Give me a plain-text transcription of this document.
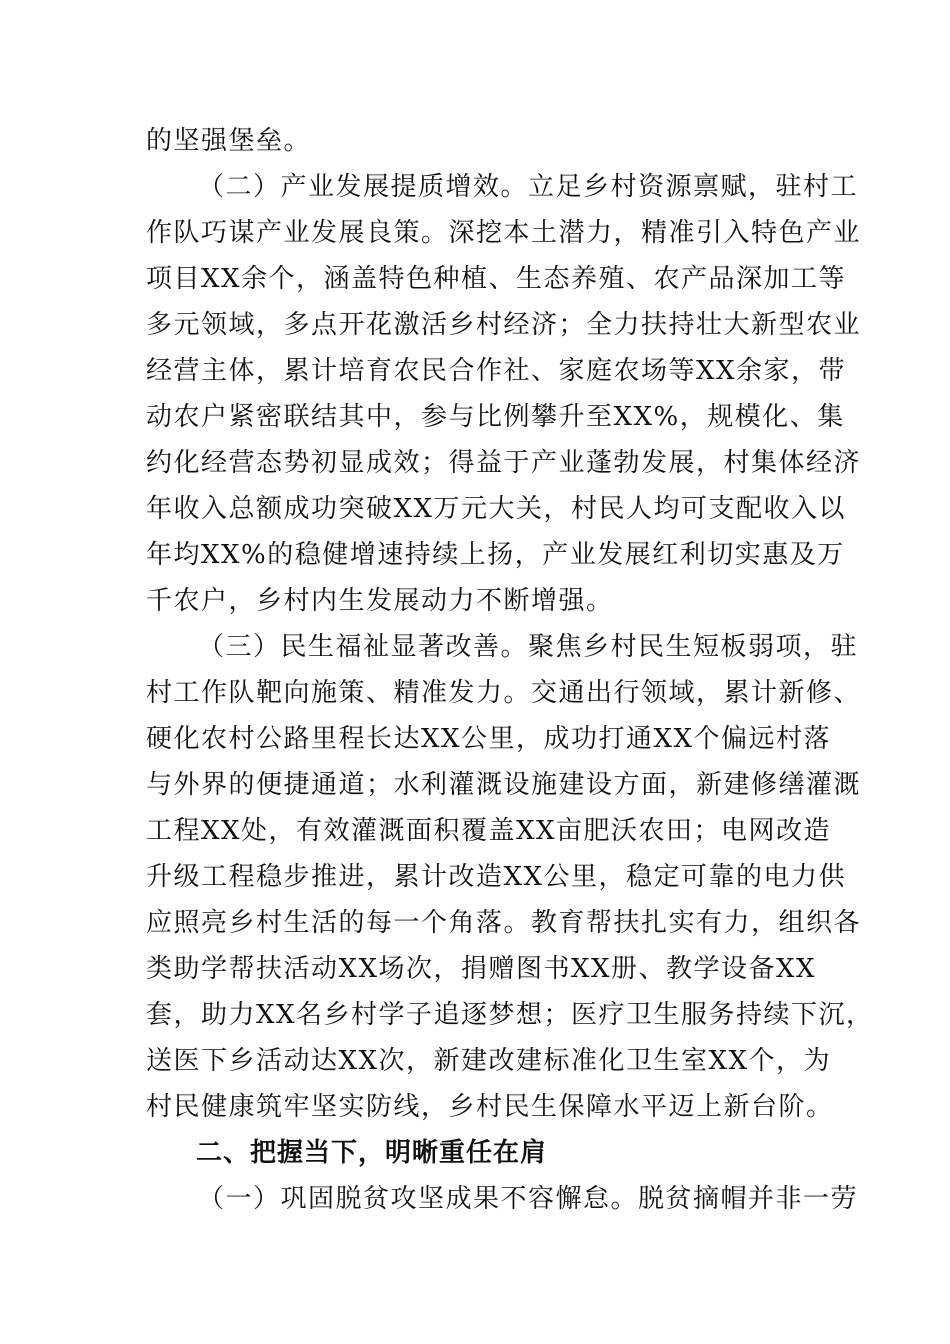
的坚强堡垒。
（二）产业发展提质增效。立足乡村资源禀赋，驻村工
作队巧谋产业发展良策。深挖本土潜力，精准引入特色产业
项目XX余个，涵盖特色种植、生态养殖、农产品深加工等
多元领域，多点开花激活乡村经济；全力扶持壮大新型农业
经营主体，累计培育农民合作社、家庭农场等XX余家，带
动农户紧密联结其中，参与比例攀升至XX%，规模化、集
约化经营态势初显成效；得益于产业蓬勃发展，村集体经济
年收入总额成功突破XX万元大关，村民人均可支配收入以
年均XX%的稳健增速持续上扬，产业发展红利切实惠及万
千农户，乡村内生发展动力不断增强。
（三）民生福祉显著改善。聚焦乡村民生短板弱项，驻
村工作队靶向施策、精准发力。交通出行领域，累计新修、
硬化农村公路里程长达XX公里，成功打通XX个偏远村落
与外界的便捷通道；水利灌溉设施建设方面，新建修缮灌溉
工程XX处，有效灌溉面积覆盖XX亩肥沃农田；电网改造
升级工程稳步推进，累计改造XX公里，稳定可靠的电力供
应照亮乡村生活的每一个角落。教育帮扶扎实有力，组织各
类助学帮扶活动XX场次，捐赠图书XX册、教学设备XX
套，助力XX名乡村学子追逐梦想；医疗卫生服务持续下沉，
送医下乡活动达XX次，新建改建标准化卫生室XX个，为
村民健康筑牢坚实防线，乡村民生保障水平迈上新台阶。
二、把握当下，明晰重任在肩
（一）巩固脱贫攻坚成果不容懈怠。脱贫摘帽并非一劳
